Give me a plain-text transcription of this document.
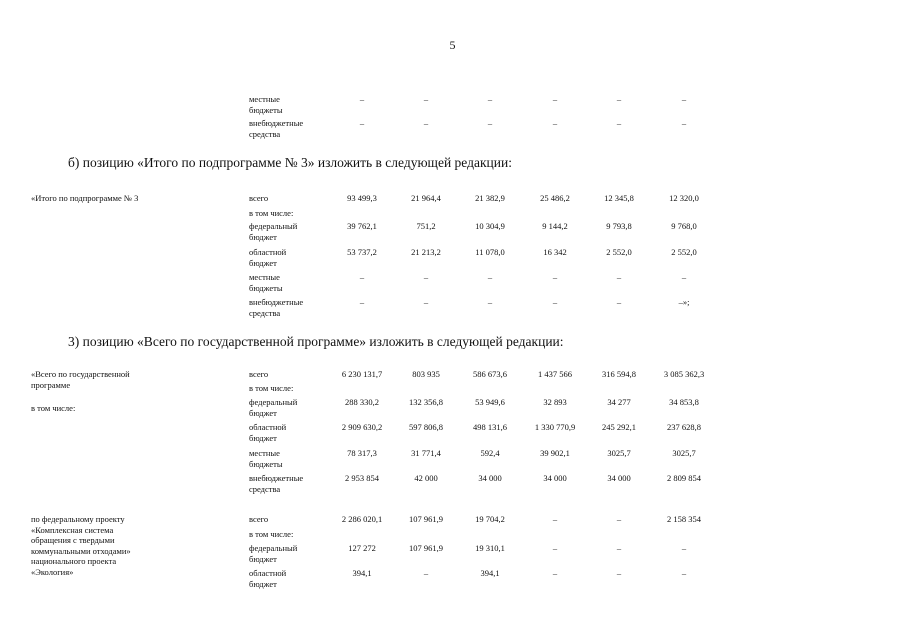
5
местные
бюджеты
–	–	–	–	–	–
внебюджетные
средства
–	–	–	–	–	–
«Итого по подпрограмме № 3	всего	93 499,3	21 964,4	21 382,9	25 486,2	12 345,8	12 320,0
в том числе:
федеральный
бюджет
39 762,1	751,2	10 304,9	9 144,2	9 793,8	9 768,0
областной
бюджет
53 737,2	21 213,2	11 078,0	16 342	2 552,0	2 552,0
местные
бюджеты
–	–	–	–	–	–
внебюджетные
средства
–	–	–	–	–	–»;
«Всего по государственной
программе
в том числе:
всего	6 230 131,7	803 935	586 673,6	1 437 566	316 594,8	3 085 362,3
в том числе:
федеральный
бюджет
288 330,2	132 356,8	53 949,6	32 893	34 277	34 853,8
областной
бюджет
2 909 630,2	597 806,8	498 131,6	1 330 770,9	245 292,1	237 628,8
местные
бюджеты
78 317,3	31 771,4	592,4	39 902,1	3025,7	3025,7
внебюджетные
средства
2 953 854	42 000	34 000	34 000	34 000	2 809 854
по федеральному проекту
«Комплексная система
обращения с твердыми
коммунальными отходами»
национального проекта
«Экология»
всего	2 286 020,1	107 961,9	19 704,2	–	–	2 158 354
в том числе:
федеральный
бюджет
127 272	107 961,9	19 310,1	–	–	–
областной
бюджет
394,1	–	394,1	–	–	–
б) позицию «Итого по подпрограмме № 3» изложить в следующей редакции:
3) позицию «Всего по государственной программе» изложить в следующей редакции:
